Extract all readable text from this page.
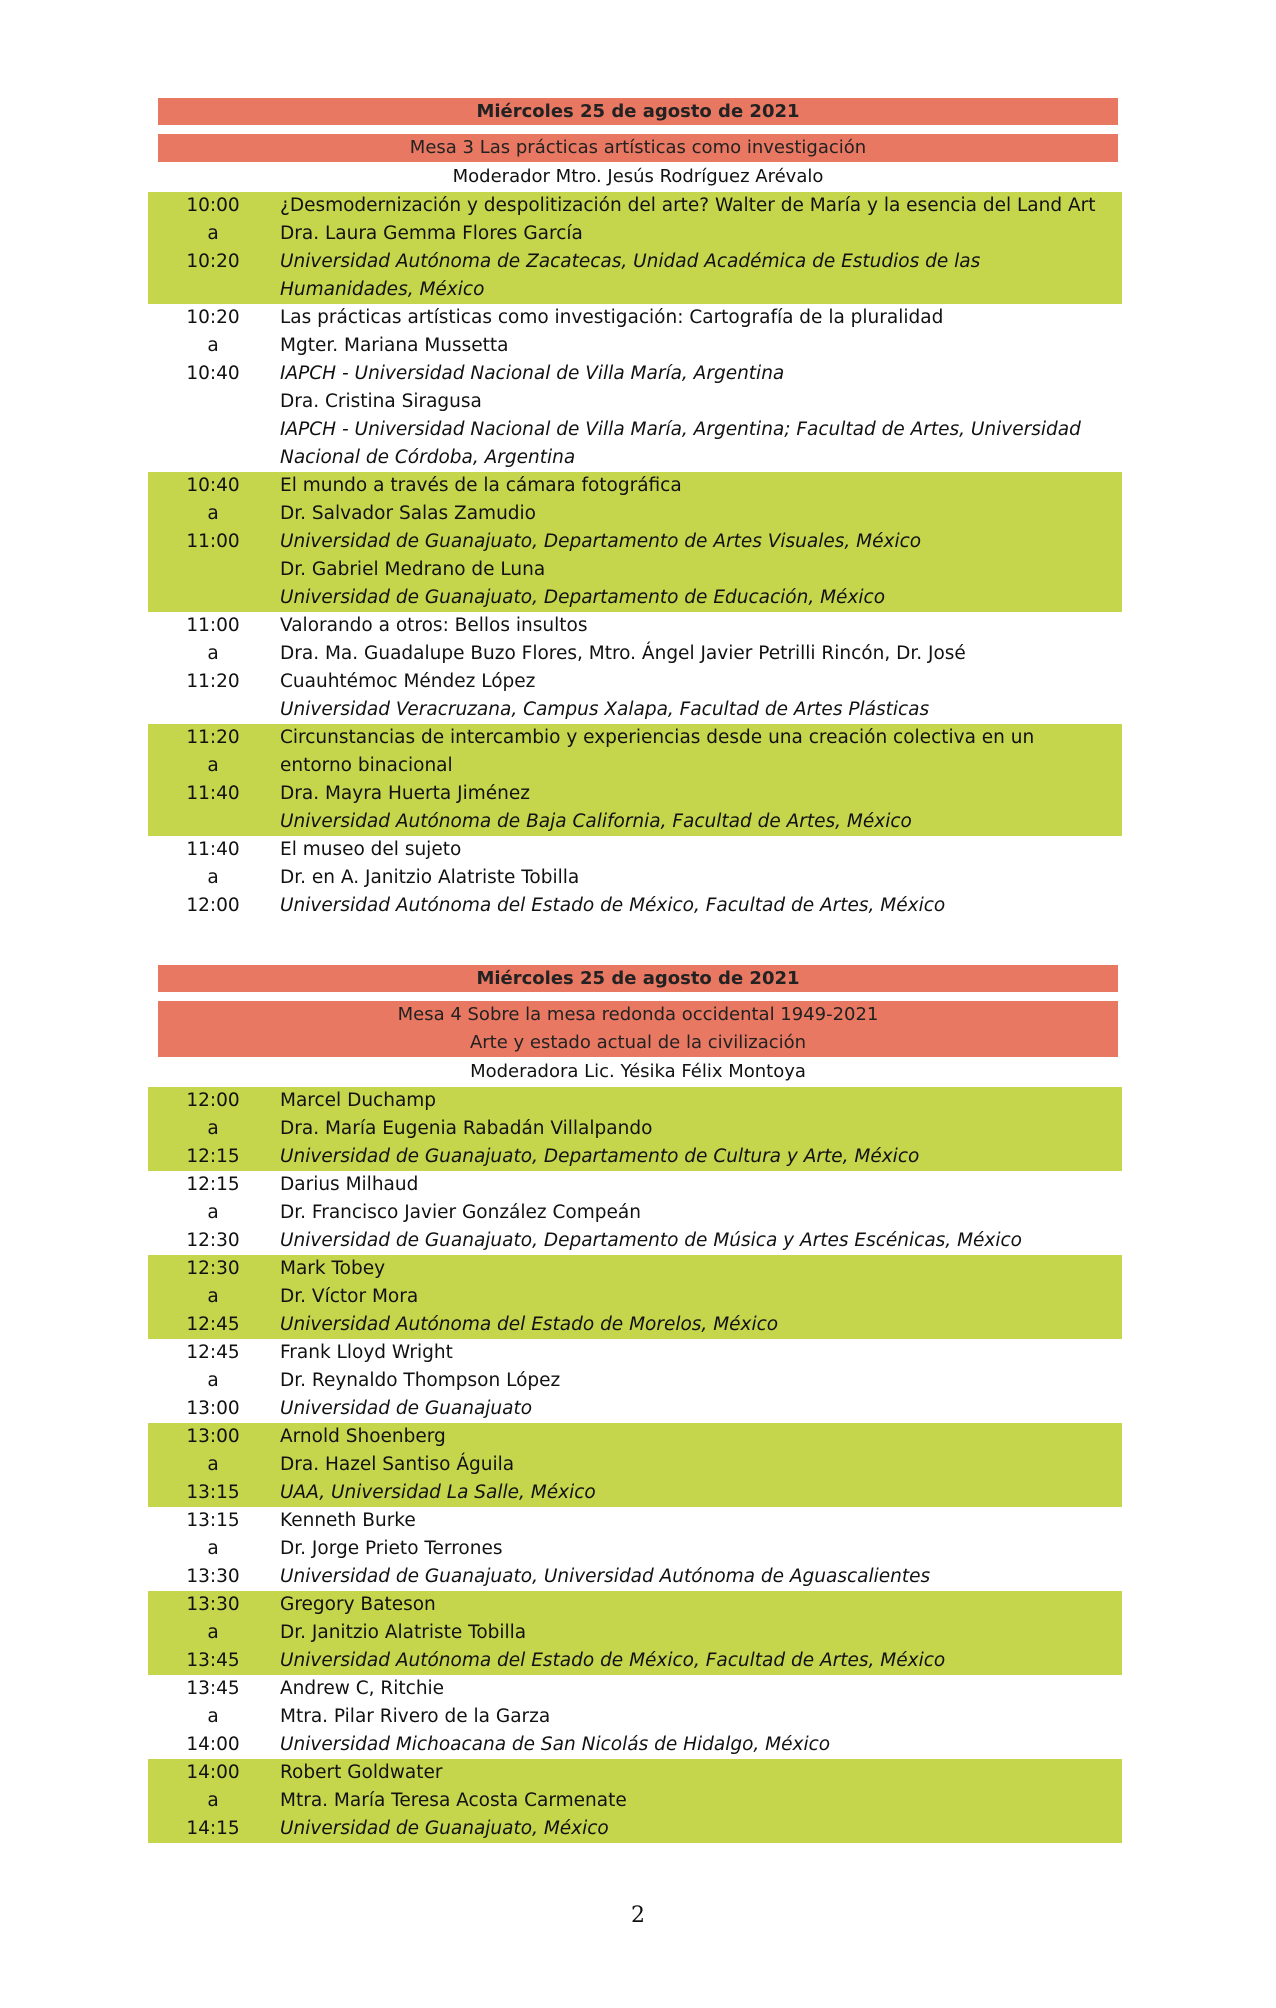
Miércoles 25 de agosto de 2021
Mesa 3 Las prácticas artísticas como investigación
Moderador Mtro. Jesús Rodríguez Arévalo
10:00
a
10:20
¿Desmodernización y despolitización del arte? Walter de María y la esencia del Land Art
Dra. Laura Gemma Flores García
Universidad Autónoma de Zacatecas, Unidad Académica de Estudios de las
Humanidades, México
10:20
a
10:40
Las prácticas artísticas como investigación: Cartografía de la pluralidad
Mgter. Mariana Mussetta
IAPCH - Universidad Nacional de Villa María, Argentina
Dra. Cristina Siragusa
IAPCH - Universidad Nacional de Villa María, Argentina; Facultad de Artes, Universidad
Nacional de Córdoba, Argentina
10:40
a
11:00
El mundo a través de la cámara fotográfica
Dr. Salvador Salas Zamudio
Universidad de Guanajuato, Departamento de Artes Visuales, México
Dr. Gabriel Medrano de Luna
Universidad de Guanajuato, Departamento de Educación, México
11:00
a
11:20
Valorando a otros: Bellos insultos
Dra. Ma. Guadalupe Buzo Flores, Mtro. Ángel Javier Petrilli Rincón, Dr. José
Cuauhtémoc Méndez López
Universidad Veracruzana, Campus Xalapa, Facultad de Artes Plásticas
11:20
a
11:40
Circunstancias de intercambio y experiencias desde una creación colectiva en un
entorno binacional
Dra. Mayra Huerta Jiménez
Universidad Autónoma de Baja California, Facultad de Artes, México
11:40
a
12:00
El museo del sujeto
Dr. en A. Janitzio Alatriste Tobilla
Universidad Autónoma del Estado de México, Facultad de Artes, México
Miércoles 25 de agosto de 2021
Mesa 4 Sobre la mesa redonda occidental 1949-2021
Arte y estado actual de la civilización
Moderadora Lic. Yésika Félix Montoya
12:00
a
12:15
Marcel Duchamp
Dra. María Eugenia Rabadán Villalpando
Universidad de Guanajuato, Departamento de Cultura y Arte, México
12:15
a
12:30
Darius Milhaud
Dr. Francisco Javier González Compeán
Universidad de Guanajuato, Departamento de Música y Artes Escénicas, México
12:30
a
12:45
Mark Tobey
Dr. Víctor Mora
Universidad Autónoma del Estado de Morelos, México
12:45
a
13:00
Frank Lloyd Wright
Dr. Reynaldo Thompson López
Universidad de Guanajuato
13:00
a
13:15
Arnold Shoenberg
Dra. Hazel Santiso Águila
UAA, Universidad La Salle, México
13:15
a
13:30
Kenneth Burke
Dr. Jorge Prieto Terrones
Universidad de Guanajuato, Universidad Autónoma de Aguascalientes
13:30
a
13:45
Gregory Bateson
Dr. Janitzio Alatriste Tobilla
Universidad Autónoma del Estado de México, Facultad de Artes, México
13:45
a
14:00
Andrew C, Ritchie
Mtra. Pilar Rivero de la Garza
Universidad Michoacana de San Nicolás de Hidalgo, México
14:00
a
14:15
Robert Goldwater
Mtra. María Teresa Acosta Carmenate
Universidad de Guanajuato, México
2
